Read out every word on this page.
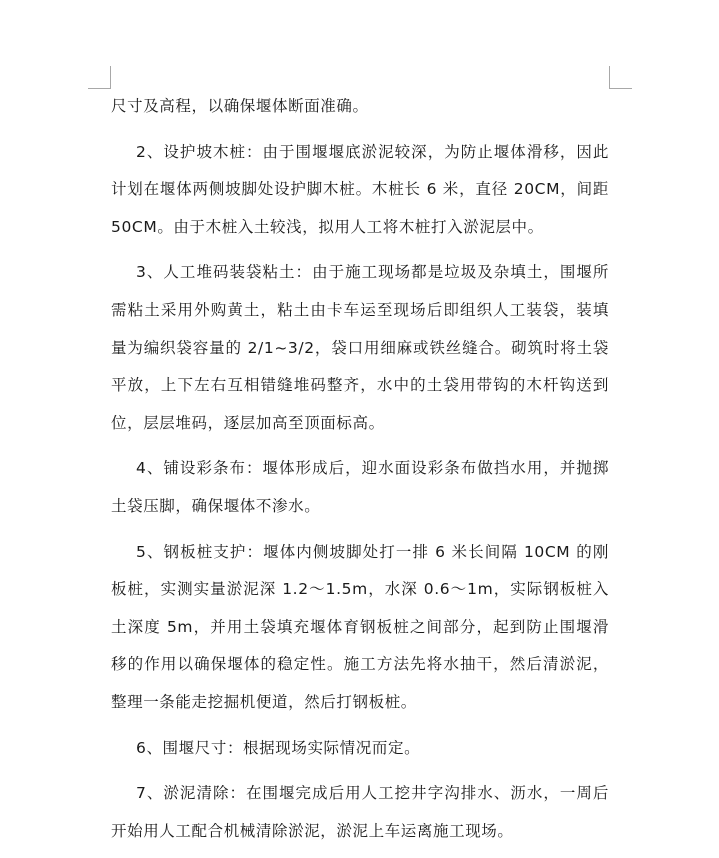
尺寸及高程，以确保堰体断面准确。

2、设护坡木桩：由于围堰堰底淤泥较深，为防止堰体滑移，因此计划在堰体两侧坡脚处设护脚木桩。木桩长 6 米，直径 20CM，间距 50CM。由于木桩入土较浅，拟用人工将木桩打入淤泥层中。

3、人工堆码装袋粘土：由于施工现场都是垃圾及杂填土，围堰所需粘土采用外购黄土，粘土由卡车运至现场后即组织人工装袋，装填量为编织袋容量的 2/1~3/2，袋口用细麻或铁丝缝合。砌筑时将土袋平放，上下左右互相错缝堆码整齐，水中的土袋用带钩的木杆钩送到位，层层堆码，逐层加高至顶面标高。

4、铺设彩条布：堰体形成后，迎水面设彩条布做挡水用，并抛掷土袋压脚，确保堰体不渗水。

5、钢板桩支护：堰体内侧坡脚处打一排 6 米长间隔 10CM 的刚板桩，实测实量淤泥深 1.2～1.5m，水深 0.6～1m，实际钢板桩入土深度 5m，并用土袋填充堰体育钢板桩之间部分，起到防止围堰滑移的作用以确保堰体的稳定性。施工方法先将水抽干，然后清淤泥，整理一条能走挖掘机便道，然后打钢板桩。

6、围堰尺寸：根据现场实际情况而定。

7、淤泥清除：在围堰完成后用人工挖井字沟排水、沥水，一周后开始用人工配合机械清除淤泥，淤泥上车运离施工现场。
